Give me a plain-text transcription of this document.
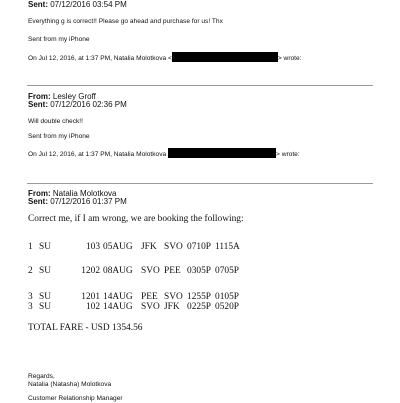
Sent: 07/12/2016 03:54 PM
Everything g is correct!! Please go ahead and purchase for us! Thx
Sent from my iPhone
On Jul 12, 2016, at 1:37 PM, Natalia Molotkova <	> wrote:
From: Lesley Groff
Sent: 07/12/2016 02:36 PM
Will double check!!
Sent from my iPhone
On Jul 12, 2016, at 1:37 PM, Natalia Molotkova	> wrote:
From: Natalia Molotkova
Sent: 07/12/2016 01:37 PM
Correct me, if I am wrong, we are booking the following:
1 SU	103 05AUG JFK SVO 0710P 1115A
2 SU	1202 08AUG SVO PEE 0305P 0705P
3 SU	1201 14AUG PEE SVO 1255P 0105P
3 SU	102 14AUG SVO JFK 0225P 0520P
TOTAL FARE - USD 1354.56
Regards,
Natalia (Natasha) Molotkova
Customer Relationship Manager
